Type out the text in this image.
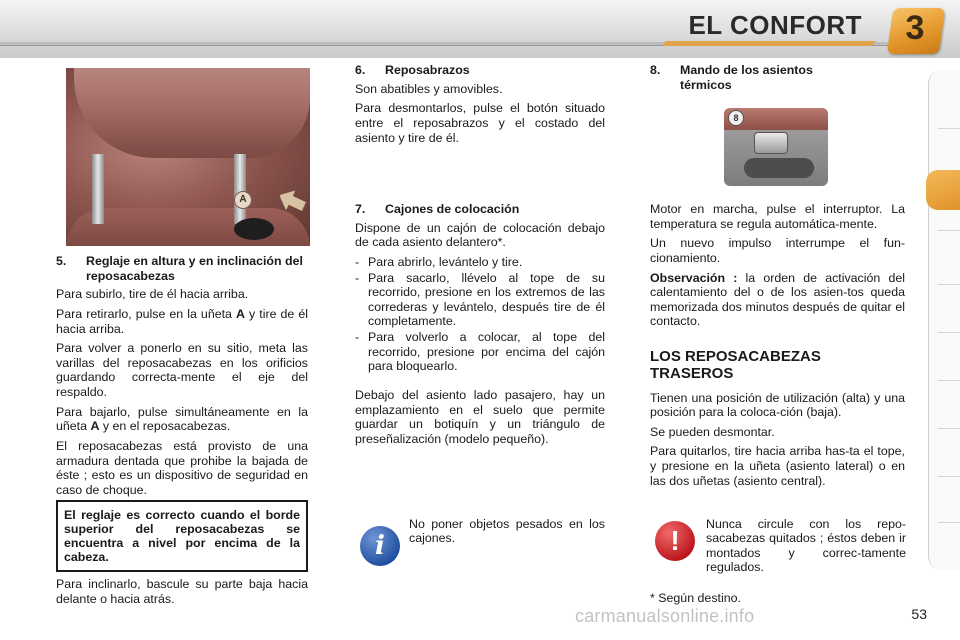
EL CONFORT 3
A
8
5.	Reglaje en altura y en inclinación del reposacabezas

Para subirlo, tire de él hacia arriba.

Para retirarlo, pulse en la uñeta A y tire de él hacia arriba.

Para volver a ponerlo en su sitio, meta las varillas del reposacabezas en los orificios guardando correcta-mente el eje del respaldo.

Para bajarlo, pulse simultáneamente en la uñeta A y en el reposacabezas.

El reposacabezas está provisto de una armadura dentada que prohibe la bajada de éste ; esto es un dispositivo de seguridad en caso de choque.

El reglaje es correcto cuando el borde superior del reposacabezas se encuentra a nivel por encima de la cabeza.

Para inclinarlo, bascule su parte baja hacia delante o hacia atrás.

6.	Reposabrazos

Son abatibles y amovibles.

Para desmontarlos, pulse el botón situado entre el reposabrazos y el costado del asiento y tire de él.

7.	Cajones de colocación

Dispone de un cajón de colocación debajo de cada asiento delantero*.

- Para abrirlo, levántelo y tire.
- Para sacarlo, llévelo al tope de su recorrido, presione en los extremos de las correderas y levántelo, después tire de él completamente.
- Para volverlo a colocar, al tope del recorrido, presione por encima del cajón para bloquearlo.

Debajo del asiento lado pasajero, hay un emplazamiento en el suelo que permite guardar un botiquín y un triángulo de preseñalización (modelo pequeño).

i
No poner objetos pesados en los cajones.
8.	Mando de los asientos térmicos

Motor en marcha, pulse el interruptor. La temperatura se regula automática-mente.

Un nuevo impulso interrumpe el fun-cionamiento.

Observación : la orden de activación del calentamiento del o de los asien-tos queda memorizada dos minutos después de quitar el contacto.

LOS REPOSACABEZAS TRASEROS

Tienen una posición de utilización (alta) y una posición para la coloca-ción (baja).

Se pueden desmontar.

Para quitarlos, tire hacia arriba has-ta el tope, y presione en la uñeta (asiento lateral) o en las dos uñetas (asiento central).

!
Nunca circule con los repo-sacabezas quitados ; éstos deben ir montados y correc-tamente regulados.
* Según destino.
carmanualsonline.info	53
